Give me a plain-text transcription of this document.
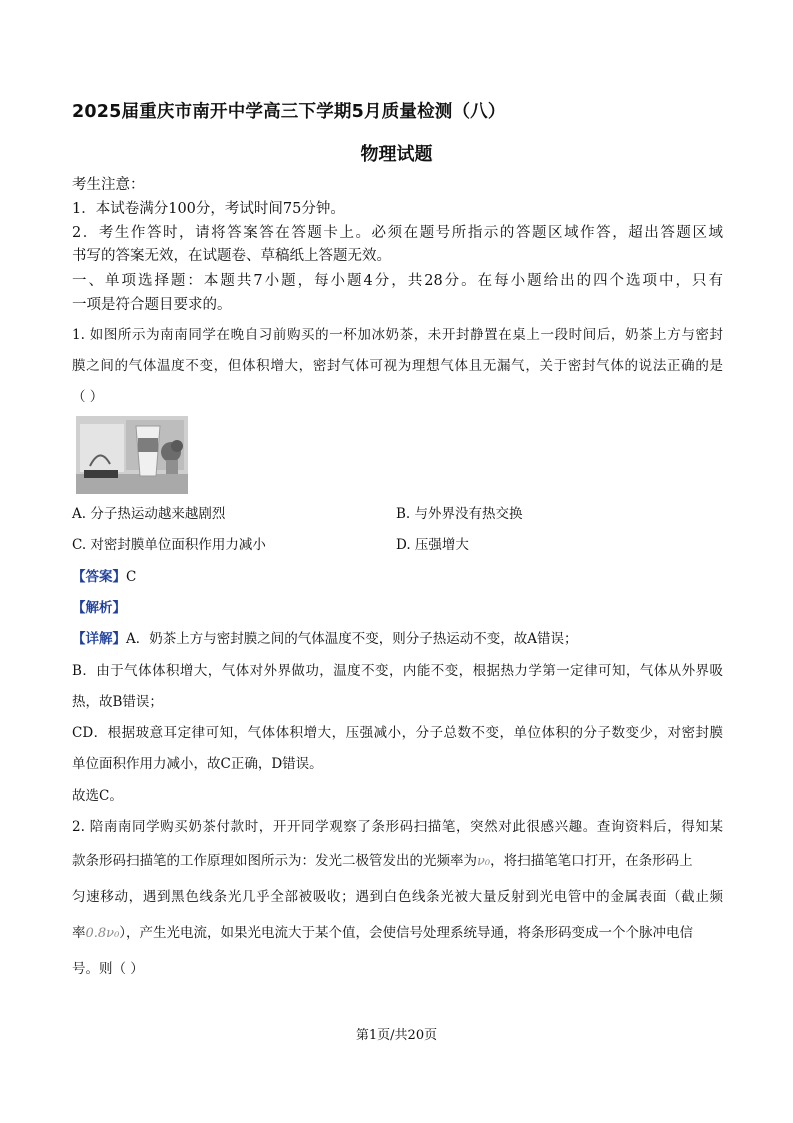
2025届重庆市南开中学高三下学期5月质量检测（八）
物理试题
考生注意：
1．本试卷满分100分，考试时间75分钟。
2．考生作答时，请将答案答在答题卡上。必须在题号所指示的答题区域作答，超出答题区域
书写的答案无效，在试题卷、草稿纸上答题无效。
一、单项选择题：本题共7小题，每小题4分，共28分。在每小题给出的四个选项中，只有
一项是符合题目要求的。
1. 如图所示为南南同学在晚自习前购买的一杯加冰奶茶，未开封静置在桌上一段时间后，奶茶上方与密封
膜之间的气体温度不变，但体积增大，密封气体可视为理想气体且无漏气，关于密封气体的说法正确的是
（ ）
A. 分子热运动越来越剧烈	B. 与外界没有热交换
C. 对密封膜单位面积作用力减小	D. 压强增大
【答案】C
【解析】
【详解】A．奶茶上方与密封膜之间的气体温度不变，则分子热运动不变，故A错误；
B．由于气体体积增大，气体对外界做功，温度不变，内能不变，根据热力学第一定律可知，气体从外界吸
热，故B错误；
CD．根据玻意耳定律可知，气体体积增大，压强减小，分子总数不变，单位体积的分子数变少，对密封膜
单位面积作用力减小，故C正确，D错误。
故选C。
2. 陪南南同学购买奶茶付款时，开开同学观察了条形码扫描笔，突然对此很感兴趣。查询资料后，得知某
款条形码扫描笔的工作原理如图所示为：发光二极管发出的光频率为ν₀，将扫描笔笔口打开，在条形码上
匀速移动，遇到黑色线条光几乎全部被吸收；遇到白色线条光被大量反射到光电管中的金属表面（截止频
率0.8ν₀），产生光电流，如果光电流大于某个值，会使信号处理系统导通，将条形码变成一个个脉冲电信
号。则（ ）
第1页/共20页
